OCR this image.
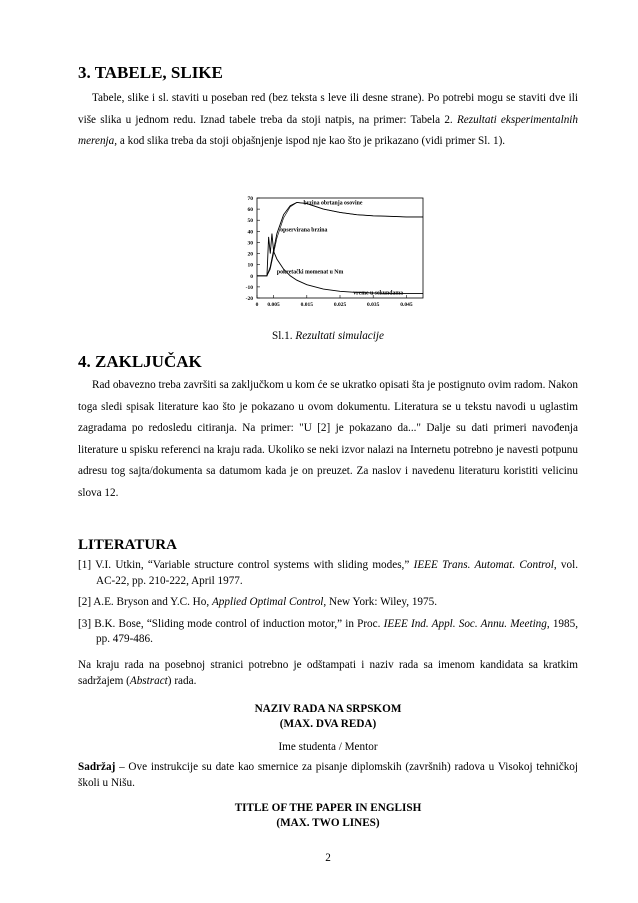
3. TABELE, SLIKE

Tabele, slike i sl. staviti u poseban red (bez teksta s leve ili desne strane). Po potrebi mogu se staviti dve ili više slika u jednom redu. Iznad tabele treba da stoji natpis, na primer: Tabela 2. Rezultati eksperimentalnih merenja, a kod slika treba da stoji objašnjenje ispod nje kao što je prikazano (vidi primer Sl. 1).

70
60
50
40
30
20
10
0
-10
-20
0 0.005	0.015	0.025	0.035	0.045
brzina obrtanja osovine
opservirana brzina
pokretački momenat u Nm
vreme u sekundama
Sl.1. Rezultati simulacije
4. ZAKLJUČAK

Rad obavezno treba završiti sa zaključkom u kom će se ukratko opisati šta je postignuto ovim radom. Nakon toga sledi spisak literature kao što je pokazano u ovom dokumentu. Literatura se u tekstu navodi u uglastim zagradama po redosledu citiranja. Na primer: "U [2] je pokazano da..." Dalje su dati primeri navođenja literature u spisku referenci na kraju rada. Ukoliko se neki izvor nalazi na Internetu potrebno je navesti potpunu adresu tog sajta/dokumenta sa datumom kada je on preuzet. Za naslov i navedenu literaturu koristiti velicinu slova 12.

LITERATURA
[1] V.I. Utkin, “Variable structure control systems with sliding modes,” IEEE Trans. Automat. Control, vol. AC-22, pp. 210-222, April 1977.
[2] A.E. Bryson and Y.C. Ho, Applied Optimal Control, New York: Wiley, 1975.
[3] B.K. Bose, “Sliding mode control of induction motor,” in Proc. IEEE Ind. Appl. Soc. Annu. Meeting, 1985, pp. 479-486.

Na kraju rada na posebnoj stranici potrebno je odštampati i naziv rada sa imenom kandidata sa kratkim sadržajem (Abstract) rada.

NAZIV RADA NA SRPSKOM
(MAX. DVA REDA)
Ime studenta / Mentor

Sadržaj – Ove instrukcije su date kao smernice za pisanje diplomskih (završnih) radova u Visokoj tehničkoj školi u Nišu.

TITLE OF THE PAPER IN ENGLISH
(MAX. TWO LINES)
2
